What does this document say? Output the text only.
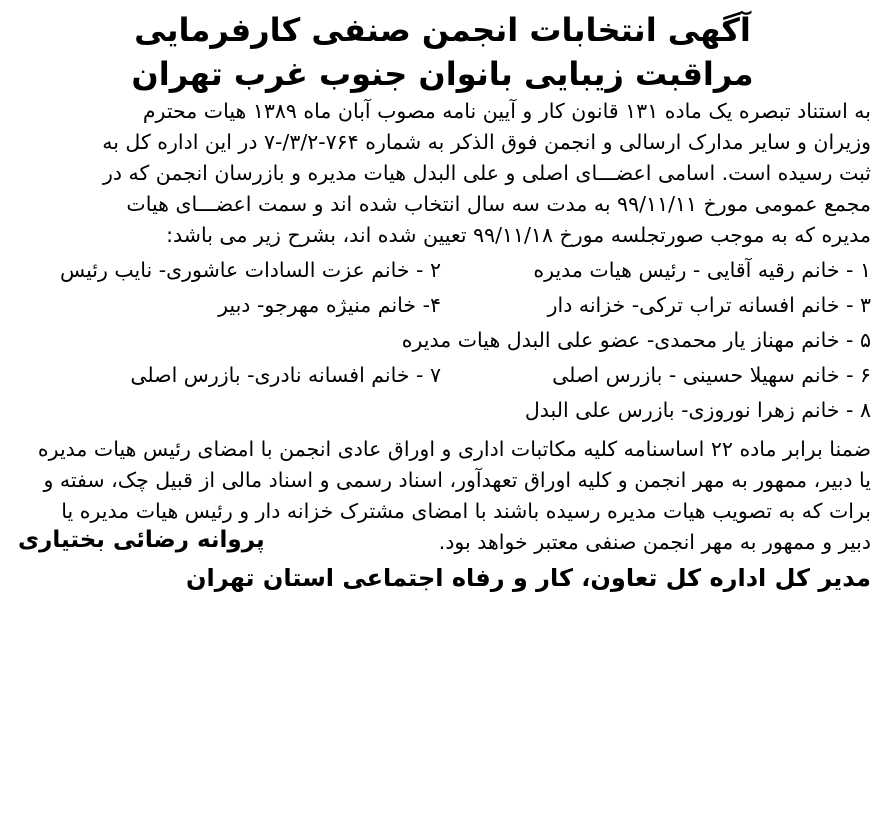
آگهی انتخابات انجمن صنفی کارفرمایی
مراقبت زیبایی بانوان جنوب غرب تهران
به استناد تبصره یک ماده ۱۳۱ قانون کار و آیین نامه مصوب آبان ماه ۱۳۸۹ هیات محترم
وزیران و سایر مدارک ارسالی و انجمن فوق الذکر به شماره ۷۶۴-۳/۲/-۷ در این اداره کل به
ثبت رسیده است. اسامی اعضـــای اصلی و علی البدل هیات مدیره و بازرسان انجمن که در
مجمع عمومی مورخ ۹۹/۱۱/۱۱ به مدت سه سال انتخاب شده اند و سمت اعضـــای هیات
مدیره که به موجب صورتجلسه مورخ ۹۹/۱۱/۱۸ تعیین شده اند، بشرح زیر می باشد:
۱ - خانم رقیه آقایی - رئیس هیات مدیره
۲ - خانم عزت السادات عاشوری- نایب رئیس
۳ - خانم افسانه تراب ترکی- خزانه دار
۴- خانم منیژه مهرجو- دبیر
۵ - خانم مهناز یار محمدی- عضو علی البدل هیات مدیره
۶ - خانم سهیلا حسینی - بازرس اصلی
۷ - خانم افسانه نادری- بازرس اصلی
۸ - خانم زهرا نوروزی- بازرس علی البدل
ضمنا برابر ماده ۲۲ اساسنامه کلیه مکاتبات اداری و اوراق عادی انجمن با امضای رئیس هیات مدیره
یا دبیر، ممهور به مهر انجمن و کلیه اوراق تعهدآور، اسناد رسمی و اسناد مالی از قبیل چک، سفته و
برات که به تصویب هیات مدیره رسیده باشند با امضای مشترک خزانه دار و رئیس هیات مدیره یا
دبیر و ممهور به مهر انجمن صنفی معتبر خواهد بود.
پروانه رضائی بختیاری
مدیر کل اداره کل تعاون، کار و رفاه اجتماعی استان تهران
